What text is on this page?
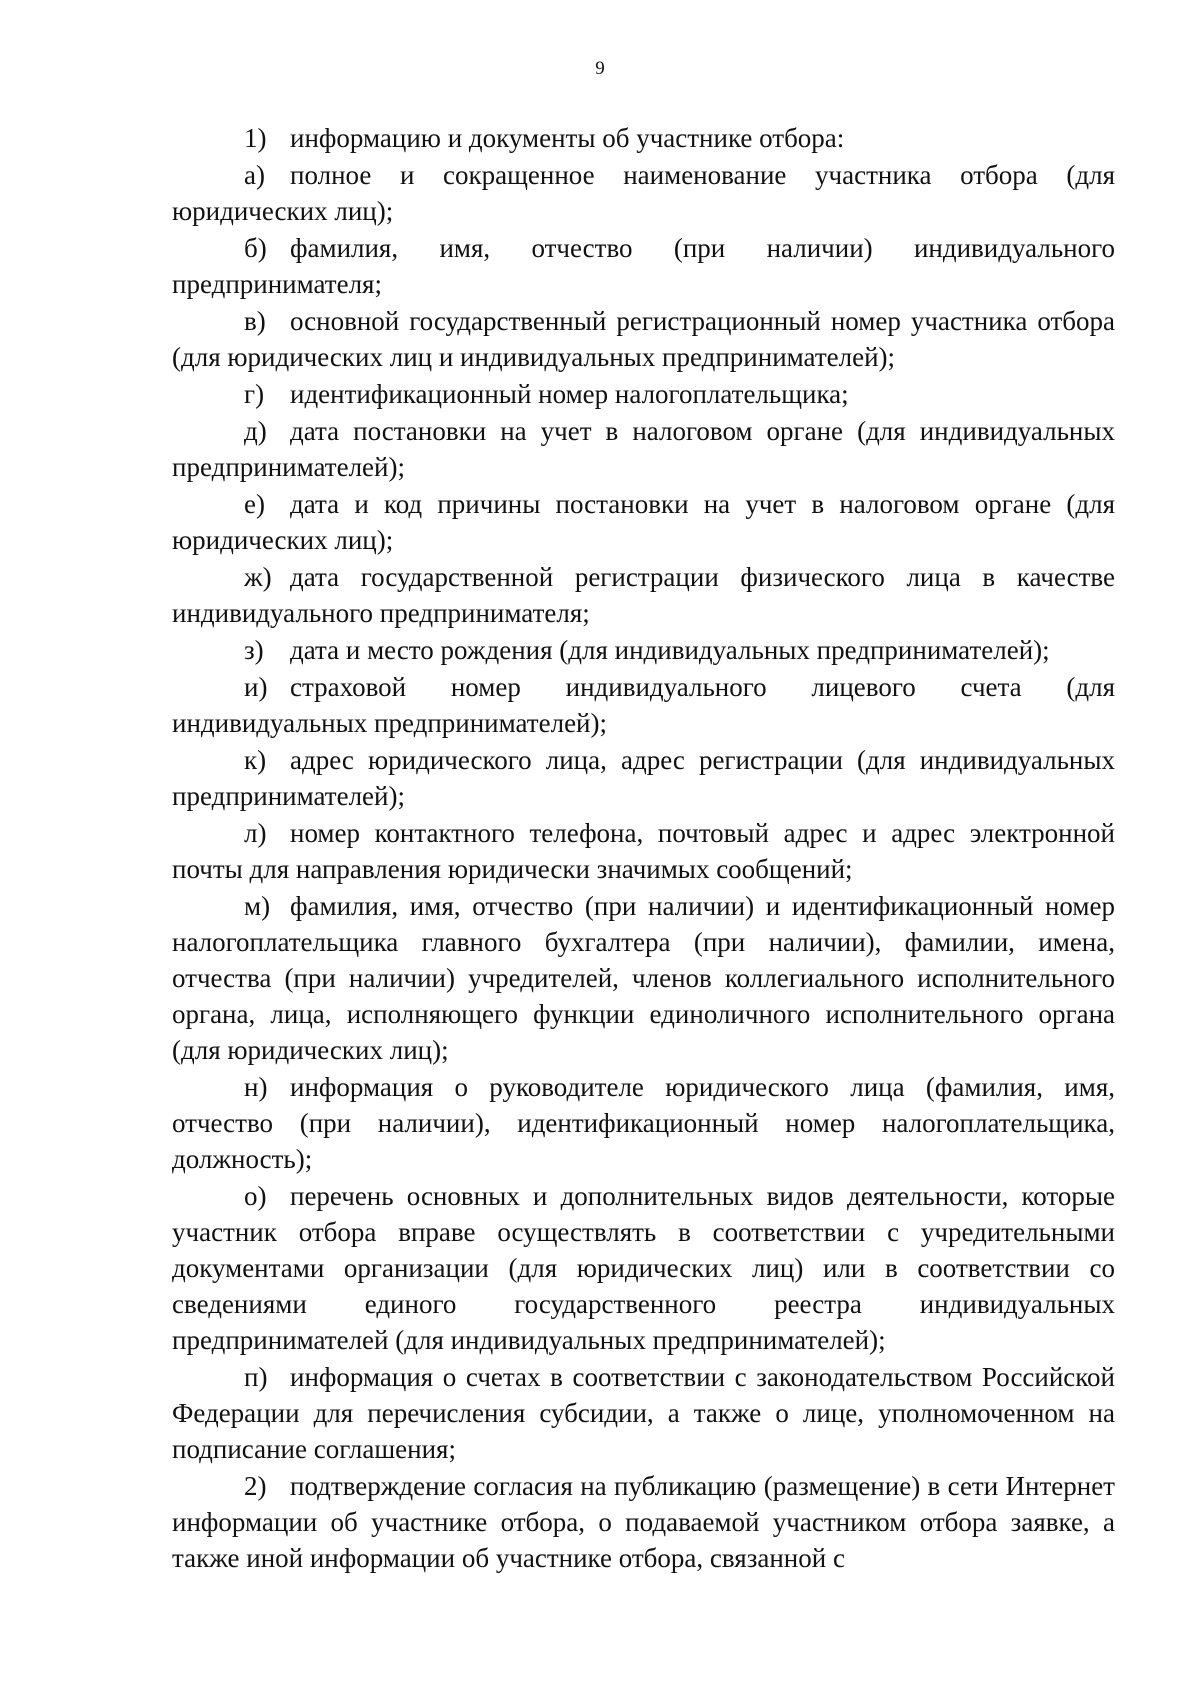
9

1) информацию и документы об участнике отбора:

а) полное и сокращенное наименование участника отбора (для юридических лиц);

б) фамилия, имя, отчество (при наличии) индивидуального предпринимателя;

в) основной государственный регистрационный номер участника отбора (для юридических лиц и индивидуальных предпринимателей);

г) идентификационный номер налогоплательщика;

д) дата постановки на учет в налоговом органе (для индивидуальных предпринимателей);

е) дата и код причины постановки на учет в налоговом органе (для юридических лиц);

ж) дата государственной регистрации физического лица в качестве индивидуального предпринимателя;

з) дата и место рождения (для индивидуальных предпринимателей);

и) страховой номер индивидуального лицевого счета (для индивидуальных предпринимателей);

к) адрес юридического лица, адрес регистрации (для индивидуальных предпринимателей);

л) номер контактного телефона, почтовый адрес и адрес электронной почты для направления юридически значимых сообщений;

м) фамилия, имя, отчество (при наличии) и идентификационный номер налогоплательщика главного бухгалтера (при наличии), фамилии, имена, отчества (при наличии) учредителей, членов коллегиального исполнительного органа, лица, исполняющего функции единоличного исполнительного органа (для юридических лиц);

н) информация о руководителе юридического лица (фамилия, имя, отчество (при наличии), идентификационный номер налогоплательщика, должность);

о) перечень основных и дополнительных видов деятельности, которые участник отбора вправе осуществлять в соответствии с учредительными документами организации (для юридических лиц) или в соответствии со сведениями единого государственного реестра индивидуальных предпринимателей (для индивидуальных предпринимателей);

п) информация о счетах в соответствии с законодательством Российской Федерации для перечисления субсидии, а также о лице, уполномоченном на подписание соглашения;

2) подтверждение согласия на публикацию (размещение) в сети Интернет информации об участнике отбора, о подаваемой участником отбора заявке, а также иной информации об участнике отбора, связанной с
